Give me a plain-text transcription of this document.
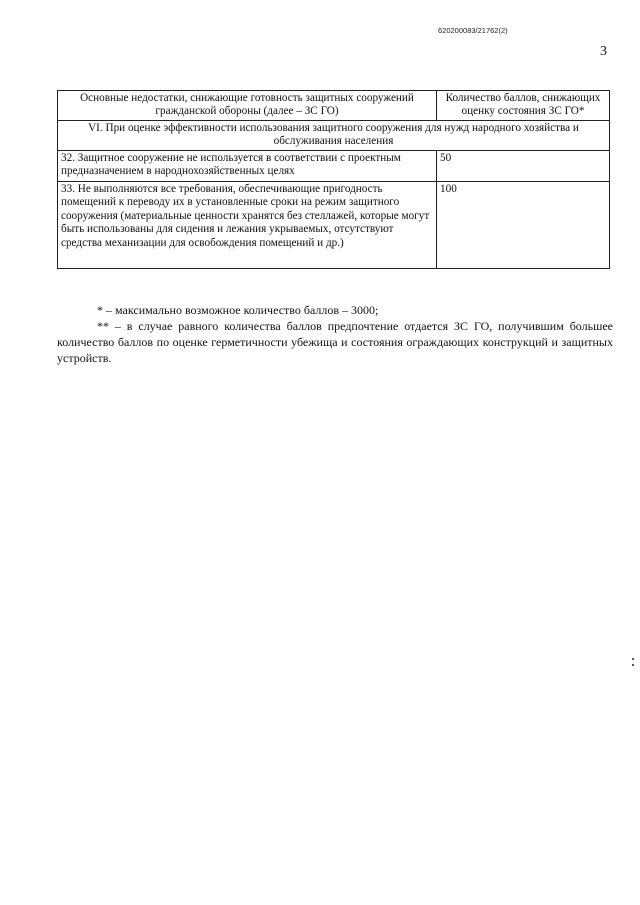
620200083/21762(2)
3
Основные недостатки, снижающие готовность защитных сооружений гражданской обороны (далее – ЗС ГО)	Количество баллов, снижающих оценку состояния ЗС ГО*
VI. При оценке эффективности использования защитного сооружения для нужд народного хозяйства и обслуживания населения	
32. Защитное сооружение не используется в соответствии с проектным предназначением в народнохозяйственных целях	50
33. Не выполняются все требования, обеспечивающие пригодность помещений к переводу их в установленные сроки на режим защитного сооружения (материальные ценности хранятся без стеллажей, которые могут быть использованы для сидения и лежания укрываемых, отсутствуют средства механизации для освобождения помещений и др.)	100

* – максимально возможное количество баллов – 3000;

** – в случае равного количества баллов предпочтение отдается ЗС ГО, получившим большее количество баллов по оценке герметичности убежища и состояния ограждающих конструкций и защитных устройств.
